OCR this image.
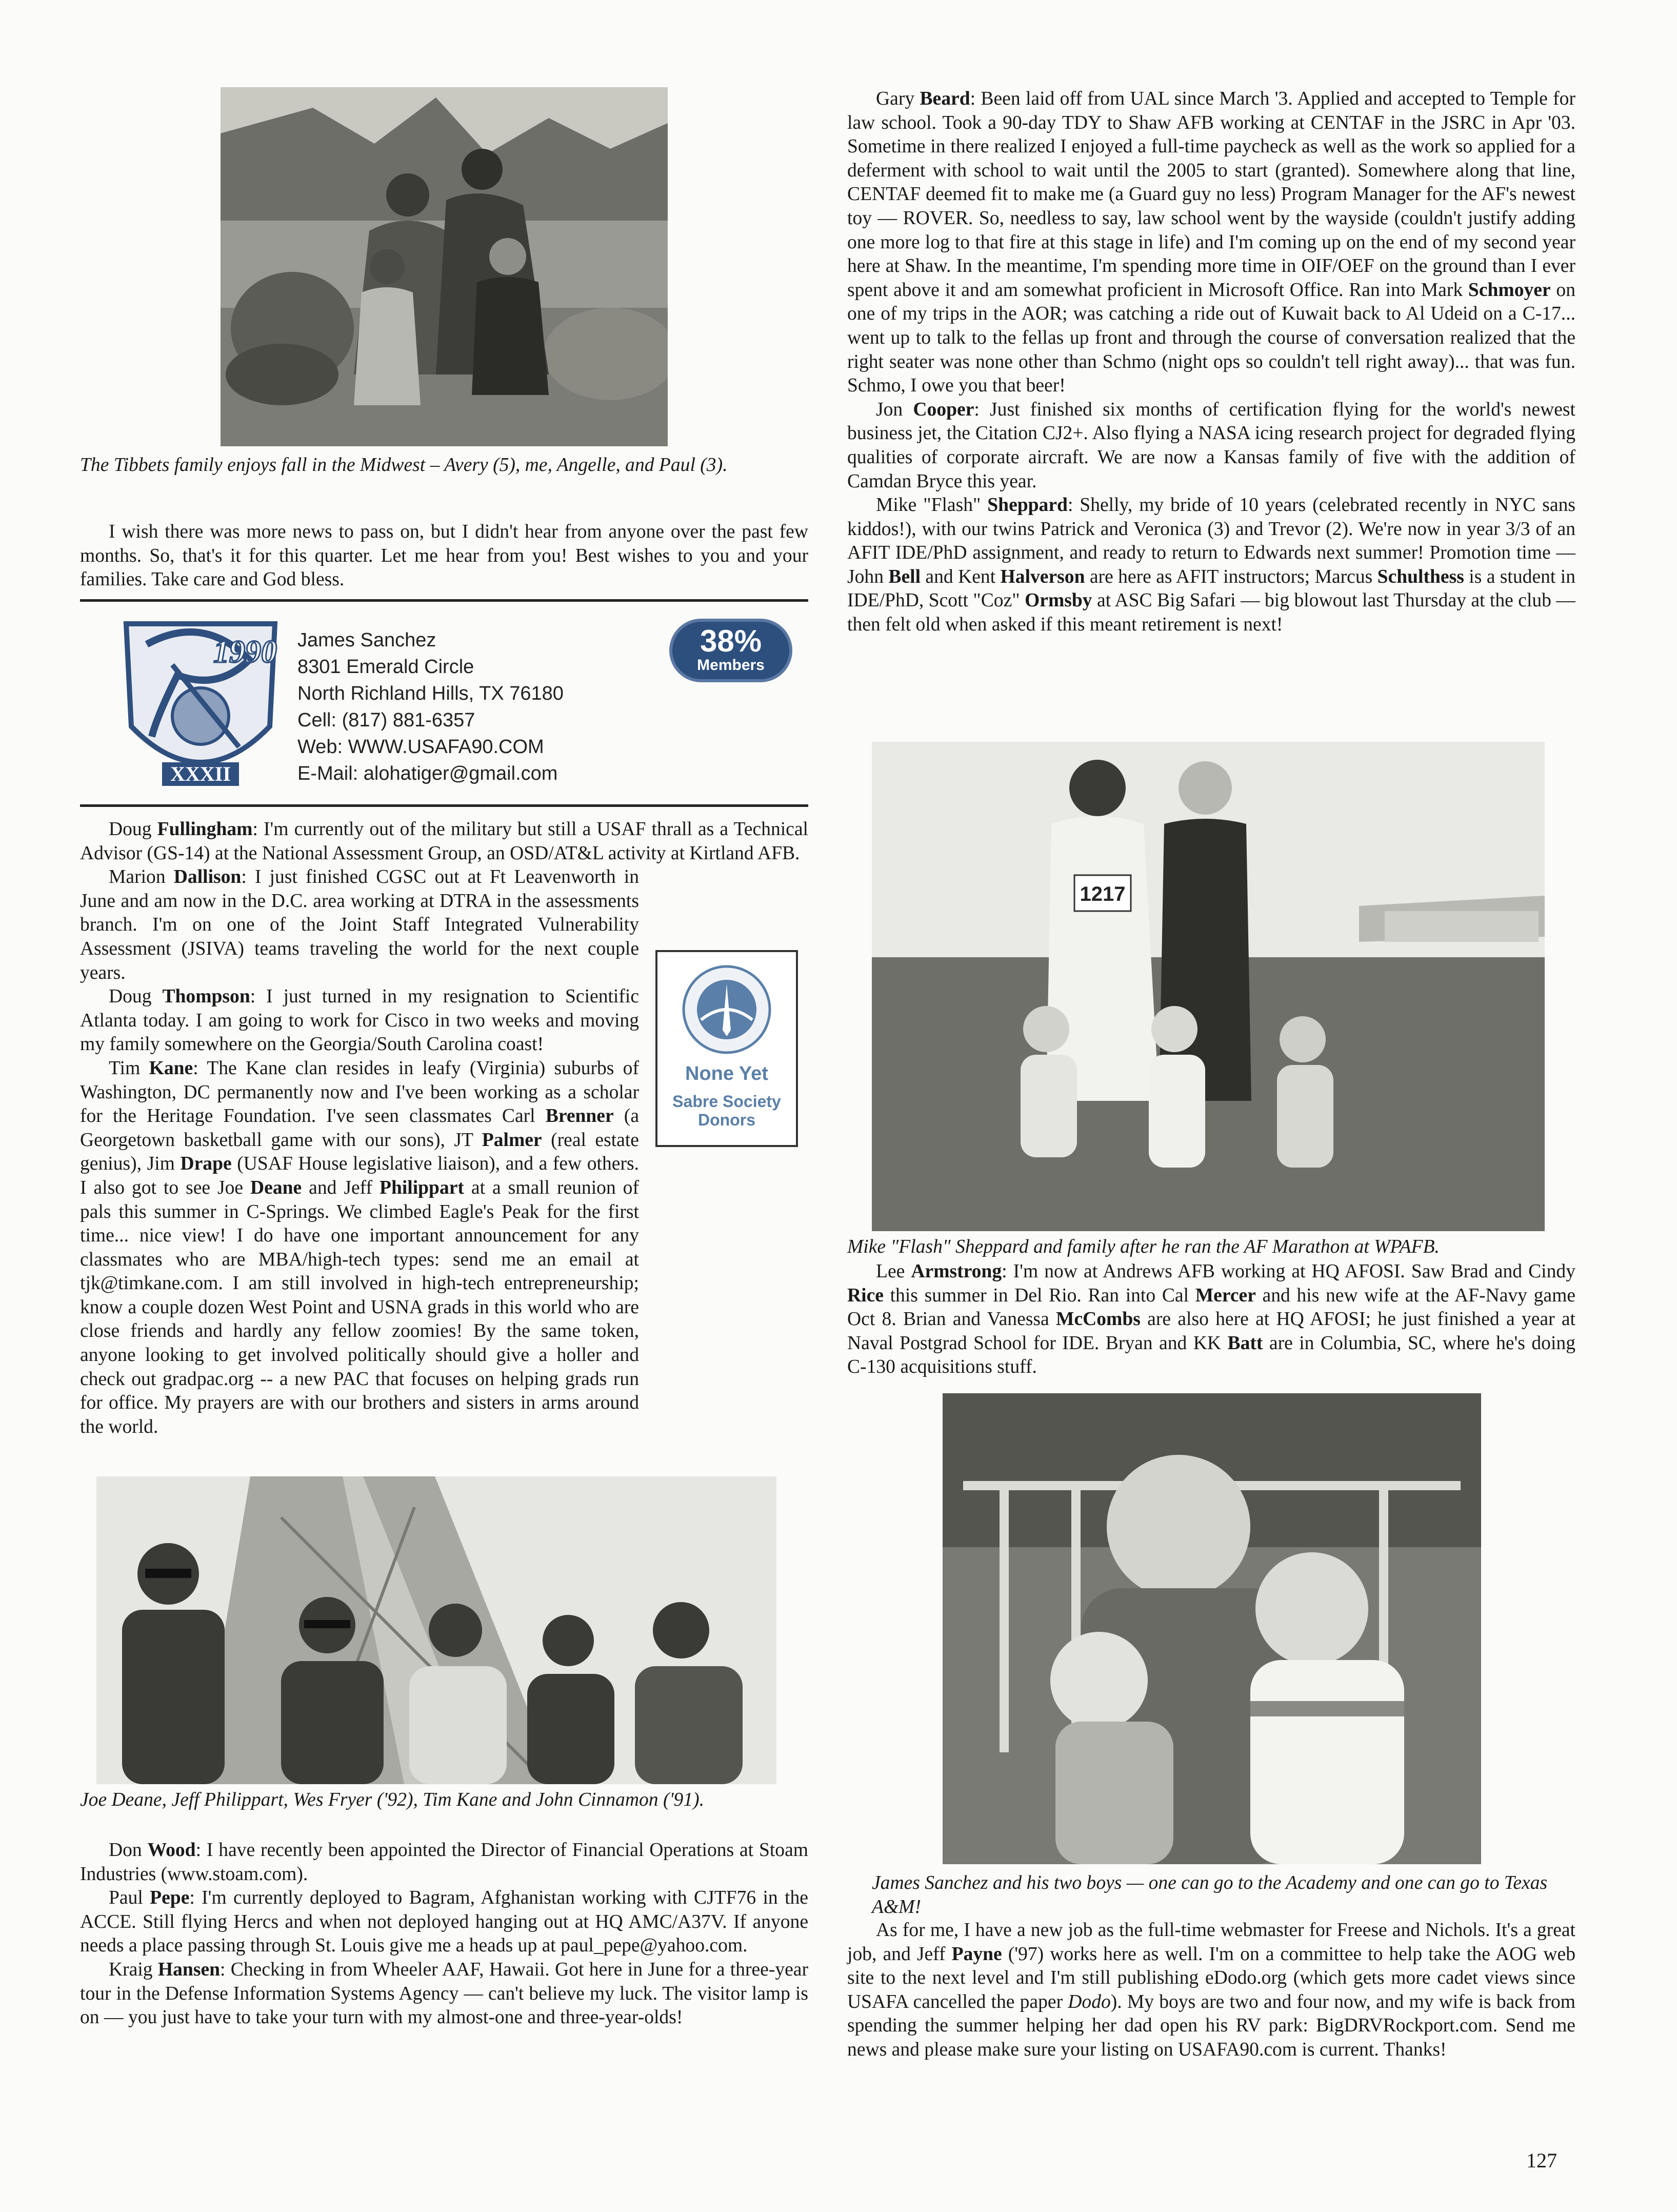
The Tibbets family enjoys fall in the Midwest – Avery (5), me, Angelle, and Paul (3).

I wish there was more news to pass on, but I didn't hear from anyone over the past few months. So, that's it for this quarter. Let me hear from you! Best wishes to you and your families. Take care and God bless.

1990
XXXII
James Sanchez
8301 Emerald Circle
North Richland Hills, TX 76180
Cell: (817) 881-6357
Web: WWW.USAFA90.COM
E-Mail: alohatiger@gmail.com
38%
Members

Doug Fullingham: I'm currently out of the military but still a USAF thrall as a Technical Advisor (GS-14) at the National Assessment Group, an OSD/AT&L activity at Kirtland AFB.

Marion Dallison: I just finished CGSC out at Ft Leavenworth in June and am now in the D.C. area working at DTRA in the assessments branch. I'm on one of the Joint Staff Integrated Vulnerability Assessment (JSIVA) teams traveling the world for the next couple years.

Doug Thompson: I just turned in my resignation to Scientific Atlanta today. I am going to work for Cisco in two weeks and moving my family somewhere on the Georgia/South Carolina coast!

Tim Kane: The Kane clan resides in leafy (Virginia) suburbs of Washington, DC permanently now and I've been working as a scholar for the Heritage Foundation. I've seen classmates Carl Brenner (a Georgetown basketball game with our sons), JT Palmer (real estate genius), Jim Drape (USAF House legislative liaison), and a few others. I also got to see Joe Deane and Jeff Philippart at a small reunion of pals this summer in C-Springs. We climbed Eagle's Peak for the first time... nice view! I do have one important announcement for any classmates who are MBA/high-tech types: send me an email at tjk@timkane.com. I am still involved in high-tech entrepreneurship; know a couple dozen West Point and USNA grads in this world who are close friends and hardly any fellow zoomies! By the same token, anyone looking to get involved politically should give a holler and check out gradpac.org -- a new PAC that focuses on helping grads run for office. My prayers are with our brothers and sisters in arms around the world.

None Yet
Sabre Society
Donors

Joe Deane, Jeff Philippart, Wes Fryer ('92), Tim Kane and John Cinnamon ('91).

Don Wood: I have recently been appointed the Director of Financial Operations at Stoam Industries (www.stoam.com).

Paul Pepe: I'm currently deployed to Bagram, Afghanistan working with CJTF76 in the ACCE. Still flying Hercs and when not deployed hanging out at HQ AMC/A37V. If anyone needs a place passing through St. Louis give me a heads up at paul_pepe@yahoo.com.

Kraig Hansen: Checking in from Wheeler AAF, Hawaii. Got here in June for a three-year tour in the Defense Information Systems Agency — can't believe my luck. The visitor lamp is on — you just have to take your turn with my almost-one and three-year-olds!

Gary Beard: Been laid off from UAL since March '3. Applied and accepted to Temple for law school. Took a 90-day TDY to Shaw AFB working at CENTAF in the JSRC in Apr '03. Sometime in there realized I enjoyed a full-time paycheck as well as the work so applied for a deferment with school to wait until the 2005 to start (granted). Somewhere along that line, CENTAF deemed fit to make me (a Guard guy no less) Program Manager for the AF's newest toy — ROVER. So, needless to say, law school went by the wayside (couldn't justify adding one more log to that fire at this stage in life) and I'm coming up on the end of my second year here at Shaw. In the meantime, I'm spending more time in OIF/OEF on the ground than I ever spent above it and am somewhat proficient in Microsoft Office. Ran into Mark Schmoyer on one of my trips in the AOR; was catching a ride out of Kuwait back to Al Udeid on a C-17... went up to talk to the fellas up front and through the course of conversation realized that the right seater was none other than Schmo (night ops so couldn't tell right away)... that was fun. Schmo, I owe you that beer!

Jon Cooper: Just finished six months of certification flying for the world's newest business jet, the Citation CJ2+. Also flying a NASA icing research project for degraded flying qualities of corporate aircraft. We are now a Kansas family of five with the addition of Camdan Bryce this year.

Mike "Flash" Sheppard: Shelly, my bride of 10 years (celebrated recently in NYC sans kiddos!), with our twins Patrick and Veronica (3) and Trevor (2). We're now in year 3/3 of an AFIT IDE/PhD assignment, and ready to return to Edwards next summer! Promotion time — John Bell and Kent Halverson are here as AFIT instructors; Marcus Schulthess is a student in IDE/PhD, Scott "Coz" Ormsby at ASC Big Safari — big blowout last Thursday at the club — then felt old when asked if this meant retirement is next!

1217

Mike "Flash" Sheppard and family after he ran the AF Marathon at WPAFB.

Lee Armstrong: I'm now at Andrews AFB working at HQ AFOSI. Saw Brad and Cindy Rice this summer in Del Rio. Ran into Cal Mercer and his new wife at the AF-Navy game Oct 8. Brian and Vanessa McCombs are also here at HQ AFOSI; he just finished a year at Naval Postgrad School for IDE. Bryan and KK Batt are in Columbia, SC, where he's doing C-130 acquisitions stuff.

James Sanchez and his two boys — one can go to the Academy and one can go to Texas A&M!

As for me, I have a new job as the full-time webmaster for Freese and Nichols. It's a great job, and Jeff Payne ('97) works here as well. I'm on a committee to help take the AOG web site to the next level and I'm still publishing eDodo.org (which gets more cadet views since USAFA cancelled the paper Dodo). My boys are two and four now, and my wife is back from spending the summer helping her dad open his RV park: BigDRVRockport.com. Send me news and please make sure your listing on USAFA90.com is current. Thanks!

127
